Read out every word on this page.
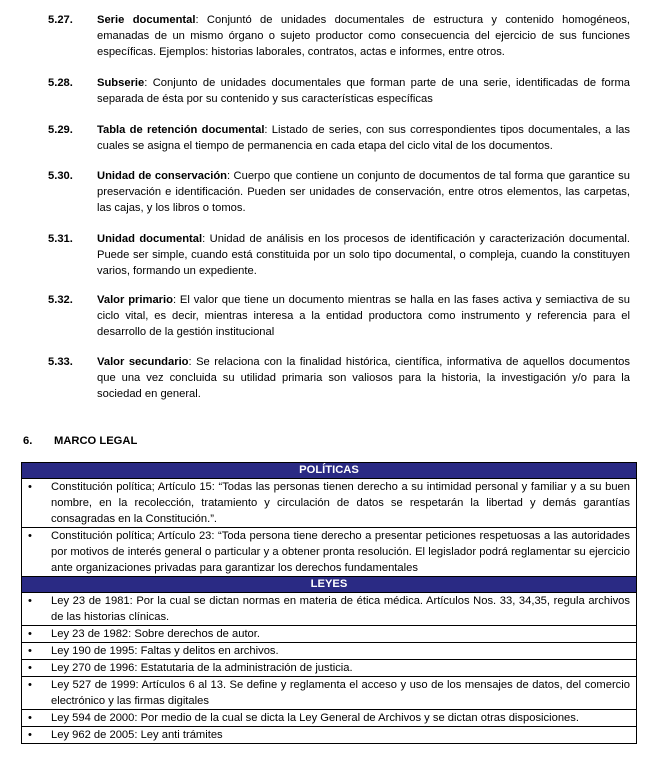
5.27. Serie documental: Conjuntó de unidades documentales de estructura y contenido homogéneos, emanadas de un mismo órgano o sujeto productor como consecuencia del ejercicio de sus funciones específicas. Ejemplos: historias laborales, contratos, actas e informes, entre otros.
5.28. Subserie: Conjunto de unidades documentales que forman parte de una serie, identificadas de forma separada de ésta por su contenido y sus características específicas
5.29. Tabla de retención documental: Listado de series, con sus correspondientes tipos documentales, a las cuales se asigna el tiempo de permanencia en cada etapa del ciclo vital de los documentos.
5.30. Unidad de conservación: Cuerpo que contiene un conjunto de documentos de tal forma que garantice su preservación e identificación. Pueden ser unidades de conservación, entre otros elementos, las carpetas, las cajas, y los libros o tomos.
5.31. Unidad documental: Unidad de análisis en los procesos de identificación y caracterización documental. Puede ser simple, cuando está constituida por un solo tipo documental, o compleja, cuando la constituyen varios, formando un expediente.
5.32. Valor primario: El valor que tiene un documento mientras se halla en las fases activa y semiactiva de su ciclo vital, es decir, mientras interesa a la entidad productora como instrumento y referencia para el desarrollo de la gestión institucional
5.33. Valor secundario: Se relaciona con la finalidad histórica, científica, informativa de aquellos documentos que una vez concluida su utilidad primaria son valiosos para la historia, la investigación y/o para la sociedad en general.
6. MARCO LEGAL
POLÍTICAS

• Constitución política; Artículo 15: “Todas las personas tienen derecho a su intimidad personal y familiar y a su buen nombre, en la recolección, tratamiento y circulación de datos se respetarán la libertad y demás garantías consagradas en la Constitución.”.

• Constitución política; Artículo 23: “Toda persona tiene derecho a presentar peticiones respetuosas a las autoridades por motivos de interés general o particular y a obtener pronta resolución. El legislador podrá reglamentar su ejercicio ante organizaciones privadas para garantizar los derechos fundamentales
LEYES

• Ley 23 de 1981: Por la cual se dictan normas en materia de ética médica. Artículos Nos. 33, 34,35, regula archivos de las historias clínicas.

• Ley 23 de 1982: Sobre derechos de autor.

• Ley 190 de 1995: Faltas y delitos en archivos.

• Ley 270 de 1996: Estatutaria de la administración de justicia.

• Ley 527 de 1999: Artículos 6 al 13. Se define y reglamenta el acceso y uso de los mensajes de datos, del comercio electrónico y las firmas digitales

• Ley 594 de 2000: Por medio de la cual se dicta la Ley General de Archivos y se dictan otras disposiciones.

• Ley 962 de 2005: Ley anti trámites
